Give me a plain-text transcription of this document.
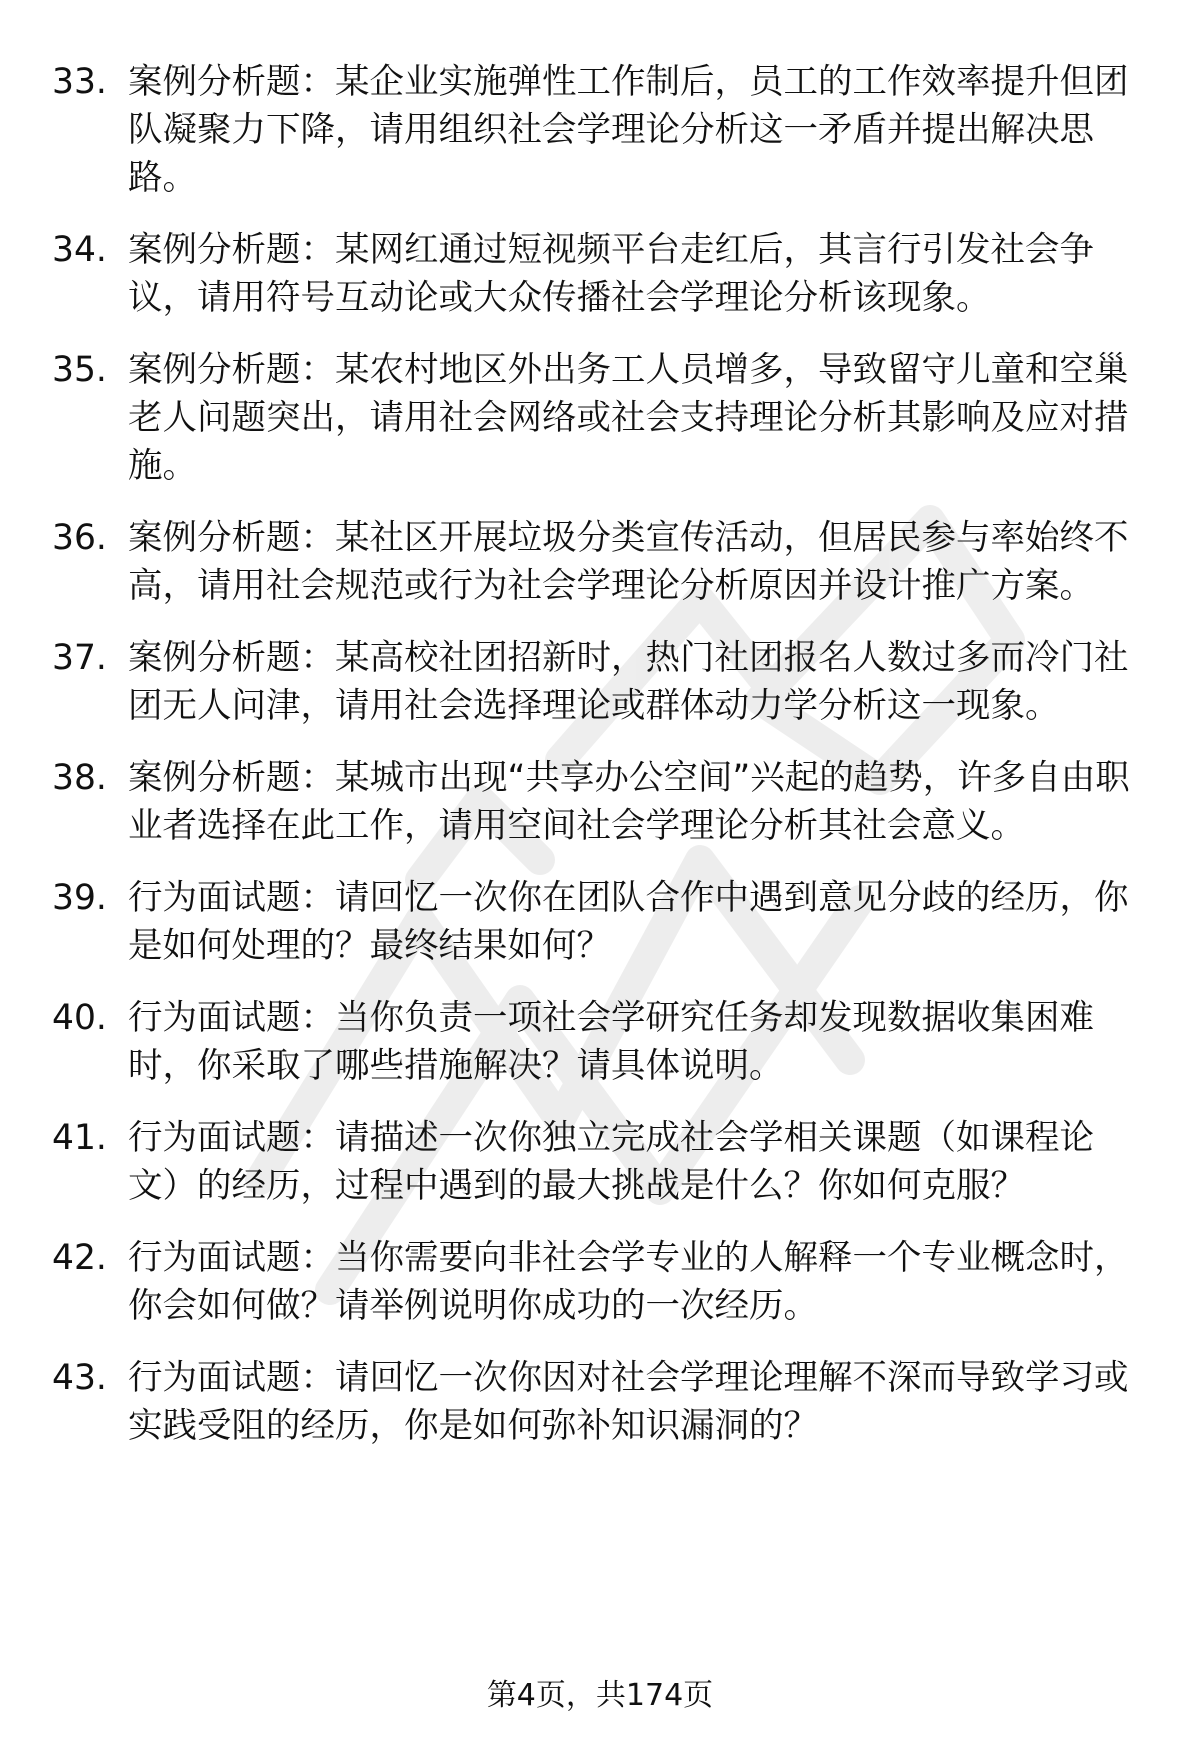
33. 案例分析题：某企业实施弹性工作制后，员工的工作效率提升但团队凝聚力下降，请用组织社会学理论分析这一矛盾并提出解决思路。
34. 案例分析题：某网红通过短视频平台走红后，其言行引发社会争议，请用符号互动论或大众传播社会学理论分析该现象。
35. 案例分析题：某农村地区外出务工人员增多，导致留守儿童和空巢老人问题突出，请用社会网络或社会支持理论分析其影响及应对措施。
36. 案例分析题：某社区开展垃圾分类宣传活动，但居民参与率始终不高，请用社会规范或行为社会学理论分析原因并设计推广方案。
37. 案例分析题：某高校社团招新时，热门社团报名人数过多而冷门社团无人问津，请用社会选择理论或群体动力学分析这一现象。
38. 案例分析题：某城市出现“共享办公空间”兴起的趋势，许多自由职业者选择在此工作，请用空间社会学理论分析其社会意义。
39. 行为面试题：请回忆一次你在团队合作中遇到意见分歧的经历，你是如何处理的？最终结果如何？
40. 行为面试题：当你负责一项社会学研究任务却发现数据收集困难时，你采取了哪些措施解决？请具体说明。
41. 行为面试题：请描述一次你独立完成社会学相关课题（如课程论文）的经历，过程中遇到的最大挑战是什么？你如何克服？
42. 行为面试题：当你需要向非社会学专业的人解释一个专业概念时，你会如何做？请举例说明你成功的一次经历。
43. 行为面试题：请回忆一次你因对社会学理论理解不深而导致学习或实践受阻的经历，你是如何弥补知识漏洞的？
第4页，共174页
